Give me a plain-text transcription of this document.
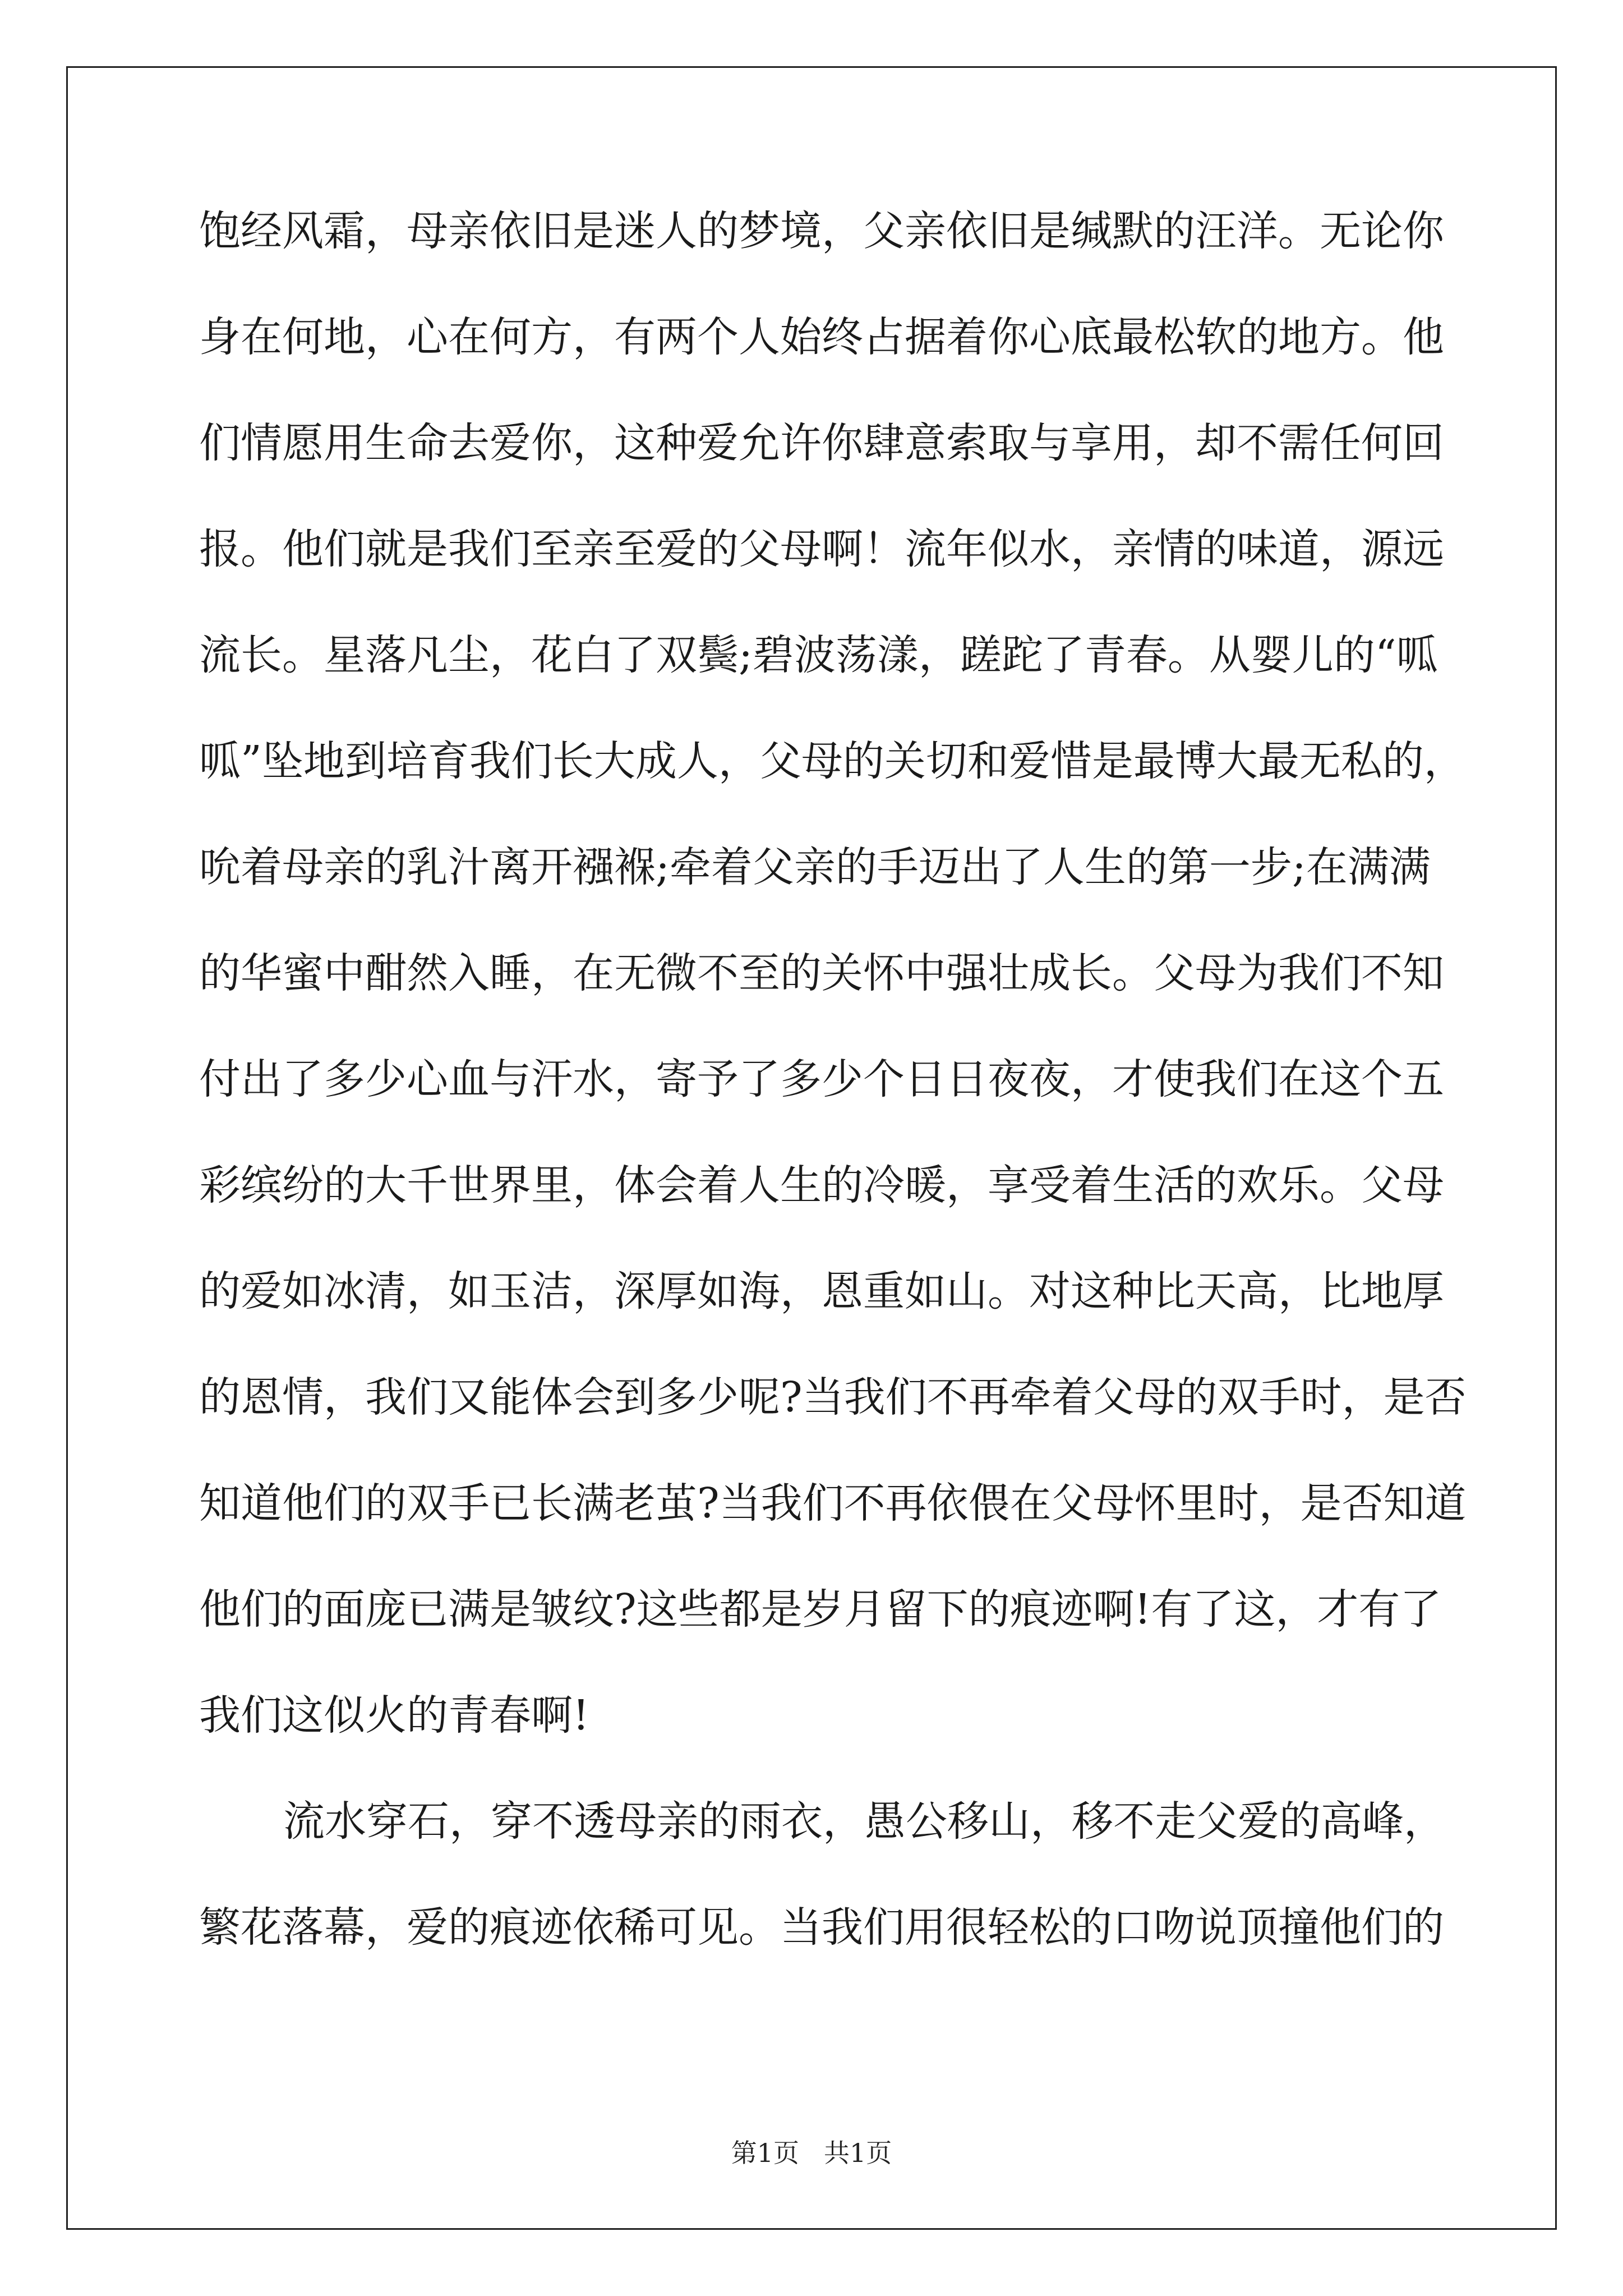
饱经风霜，母亲依旧是迷人的梦境，父亲依旧是缄默的汪洋。无论你
身在何地，心在何方，有两个人始终占据着你心底最松软的地方。他
们情愿用生命去爱你，这种爱允许你肆意索取与享用，却不需任何回
报。他们就是我们至亲至爱的父母啊！流年似水，亲情的味道，源远
流长。星落凡尘，花白了双鬓;碧波荡漾，蹉跎了青春。从婴儿的“呱
呱”坠地到培育我们长大成人，父母的关切和爱惜是最博大最无私的，
吮着母亲的乳汁离开襁褓;牵着父亲的手迈出了人生的第一步;在满满
的华蜜中酣然入睡，在无微不至的关怀中强壮成长。父母为我们不知
付出了多少心血与汗水，寄予了多少个日日夜夜，才使我们在这个五
彩缤纷的大千世界里，体会着人生的冷暖，享受着生活的欢乐。父母
的爱如冰清，如玉洁，深厚如海，恩重如山。对这种比天高，比地厚
的恩情，我们又能体会到多少呢?当我们不再牵着父母的双手时，是否
知道他们的双手已长满老茧?当我们不再依偎在父母怀里时，是否知道
他们的面庞已满是皱纹?这些都是岁月留下的痕迹啊!有了这，才有了
我们这似火的青春啊!
流水穿石，穿不透母亲的雨衣，愚公移山，移不走父爱的高峰，
繁花落幕，爱的痕迹依稀可见。当我们用很轻松的口吻说顶撞他们的
第1页 共1页
